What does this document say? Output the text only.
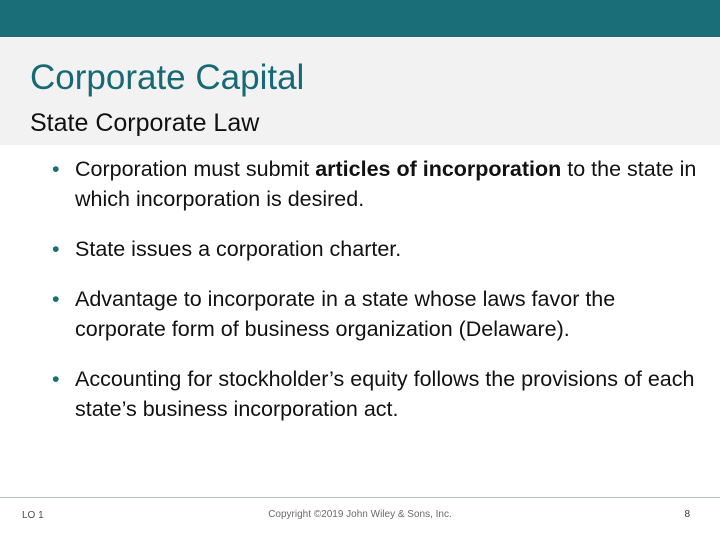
Corporate Capital
State Corporate Law
• Corporation must submit articles of incorporation to the state in which incorporation is desired.
• State issues a corporation charter.
• Advantage to incorporate in a state whose laws favor the corporate form of business organization (Delaware).
• Accounting for stockholder’s equity follows the provisions of each state’s business incorporation act.
LO 1	Copyright ©2019 John Wiley & Sons, Inc.	8
